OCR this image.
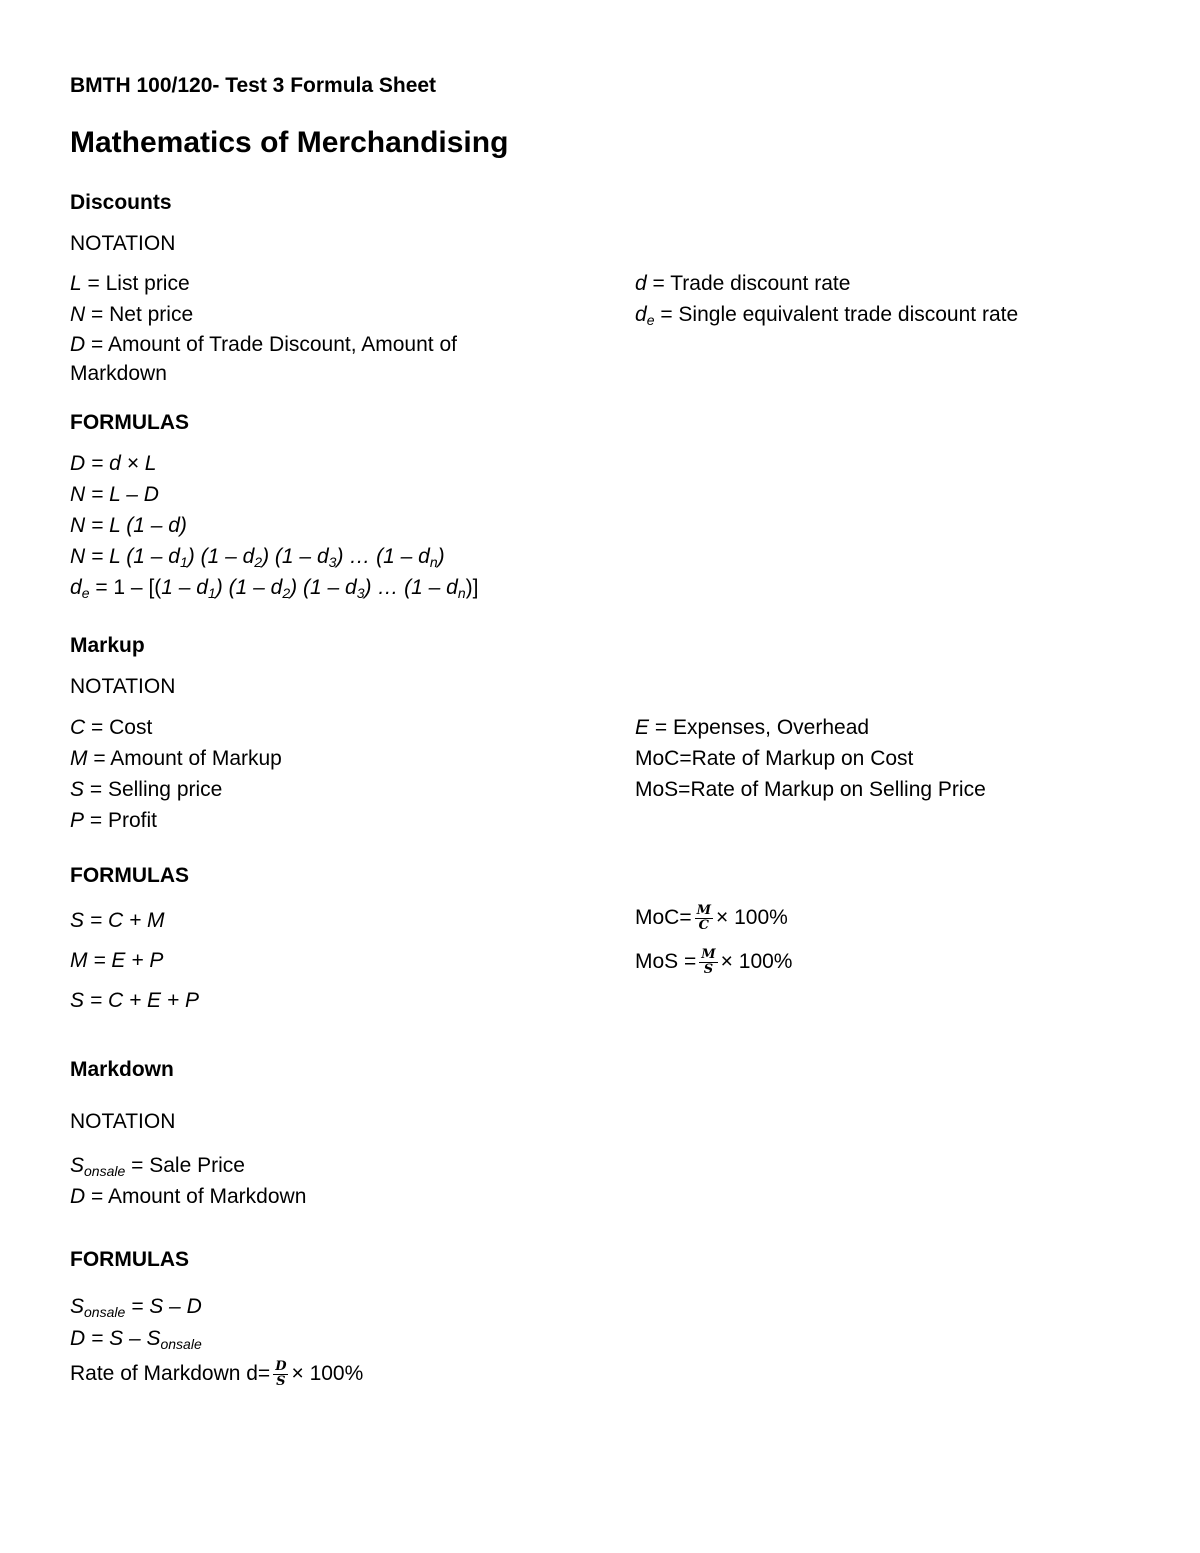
BMTH 100/120- Test 3 Formula Sheet
Mathematics of Merchandising
Discounts
NOTATION
L = List price
N = Net price
D = Amount of Trade Discount, Amount of
Markdown
d = Trade discount rate
$d_e$ = Single equivalent trade discount rate
FORMULAS
D = d × L
N = L – D
N = L (1 – d)
N = L $(1 - d_1)$ $(1 - d_2)$ $(1 - d_3)$ … $(1 - d_n)$
$d_e = 1 - [(1 - d_1)$ $(1 - d_2)$ $(1 - d_3)$ … $(1 - d_n)$]
Markup
NOTATION
C = Cost
M = Amount of Markup
S = Selling price
P = Profit
E = Expenses, Overhead
MoC=Rate of Markup on Cost
MoS=Rate of Markup on Selling Price
FORMULAS
S = C + M
M = E + P
S = C + E + P
$MoC= \frac{M}{C} \times 100\%$
MoS = $\frac{M}{S} \times 100\%$
Markdown
NOTATION
$S_{onsale}$ = Sale Price
D = Amount of Markdown
FORMULAS
$S_{onsale} = S - D$
$D = S - S_{onsale}$
Rate of Markdown $d= \frac{D}{S} \times 100\%$
